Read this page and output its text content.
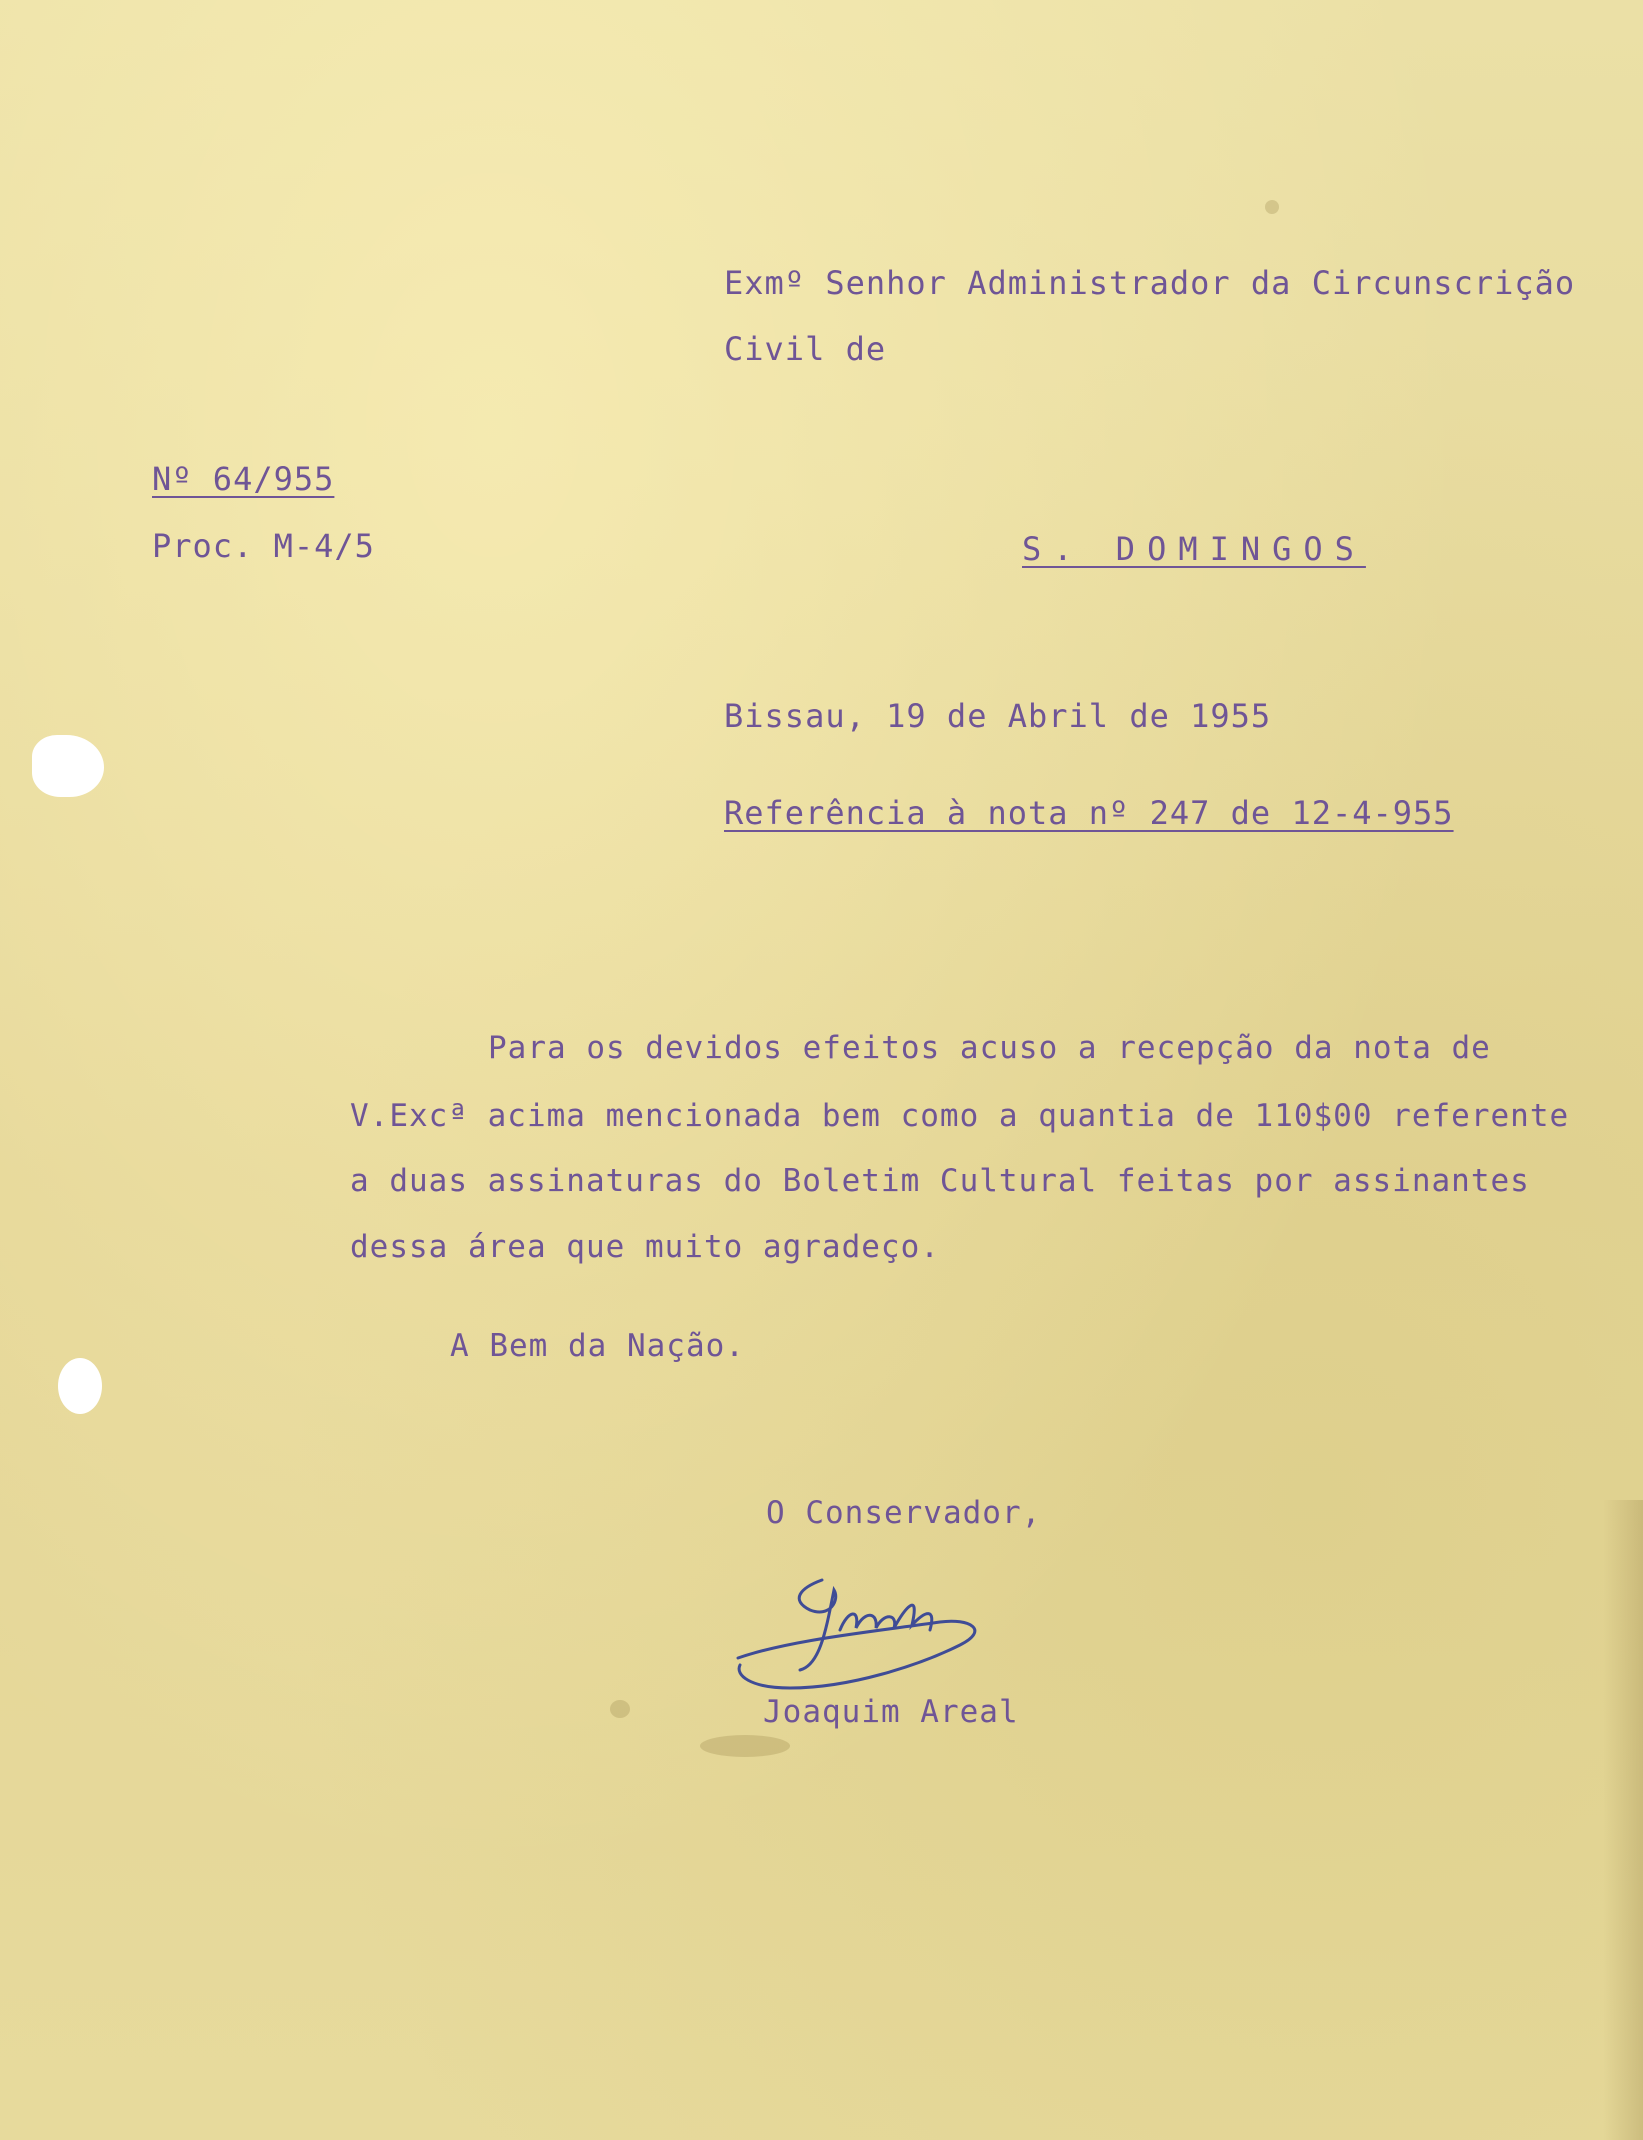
Exmº Senhor Administrador da Circunscrição
Civil de
Nº 64/955
Proc. M-4/5	S. DOMINGOS
Bissau, 19 de Abril de 1955
Referência à nota nº 247 de 12-4-955
Para os devidos efeitos acuso a recepção da nota de
V.Excª acima mencionada bem como a quantia de 110$00 referente
a duas assinaturas do Boletim Cultural feitas por assinantes
dessa área que muito agradeço.
A Bem da Nação.
O Conservador,
Joaquim Areal
